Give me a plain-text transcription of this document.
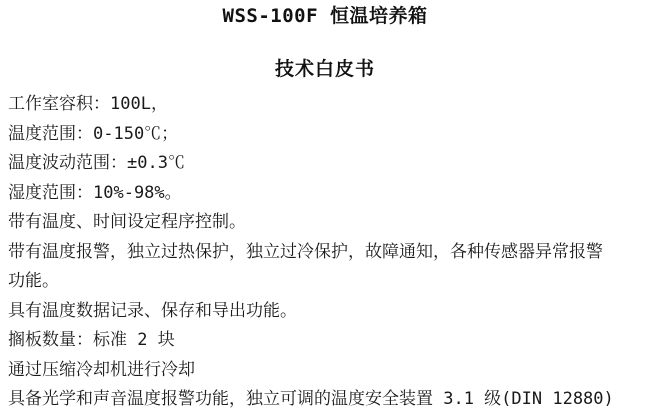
WSS-100F 恒温培养箱
技术白皮书

工作室容积：100L，

温度范围：0-150℃；

温度波动范围：±0.3℃

湿度范围：10%-98%。

带有温度、时间设定程序控制。

带有温度报警，独立过热保护，独立过冷保护，故障通知，各种传感器异常报警功能。

具有温度数据记录、保存和导出功能。

搁板数量：标准 2 块

通过压缩冷却机进行冷却

具备光学和声音温度报警功能，独立可调的温度安全装置 3.1 级(DIN 12880)
